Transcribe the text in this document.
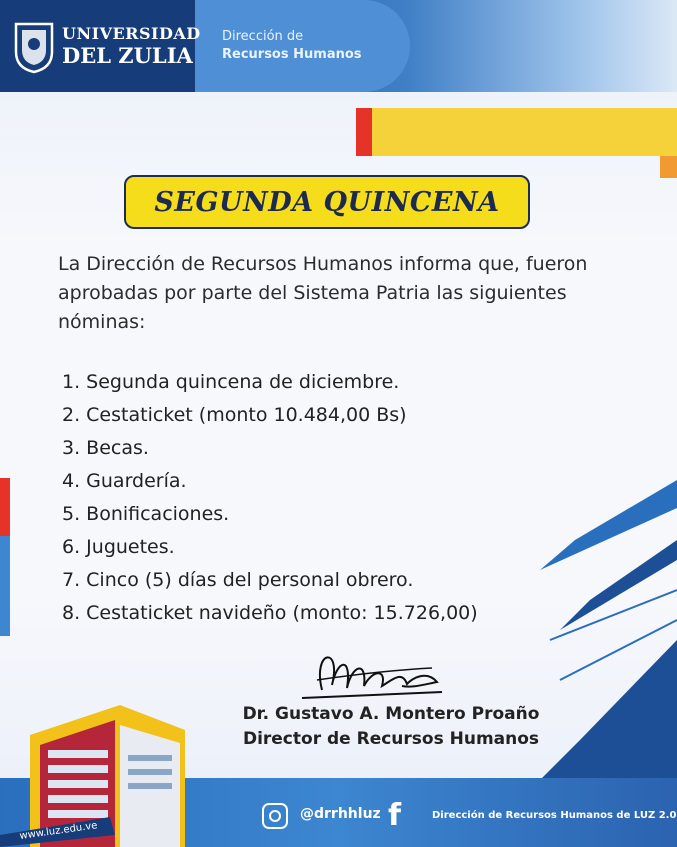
UNIVERSIDAD
DEL ZULIA
Dirección de
Recursos Humanos
SEGUNDA QUINCENA
La Dirección de Recursos Humanos informa que, fueron aprobadas por parte del Sistema Patria las siguientes nóminas:
1. Segunda quincena de diciembre.
2. Cestaticket (monto 10.484,00 Bs)
3. Becas.
4. Guardería.
5. Bonificaciones.
6. Juguetes.
7. Cinco (5) días del personal obrero.
8. Cestaticket navideño (monto: 15.726,00)
Dr. Gustavo A. Montero Proaño
Director de Recursos Humanos
www.luz.edu.ve
@drrhhluz f	Dirección de Recursos Humanos de LUZ 2.0
